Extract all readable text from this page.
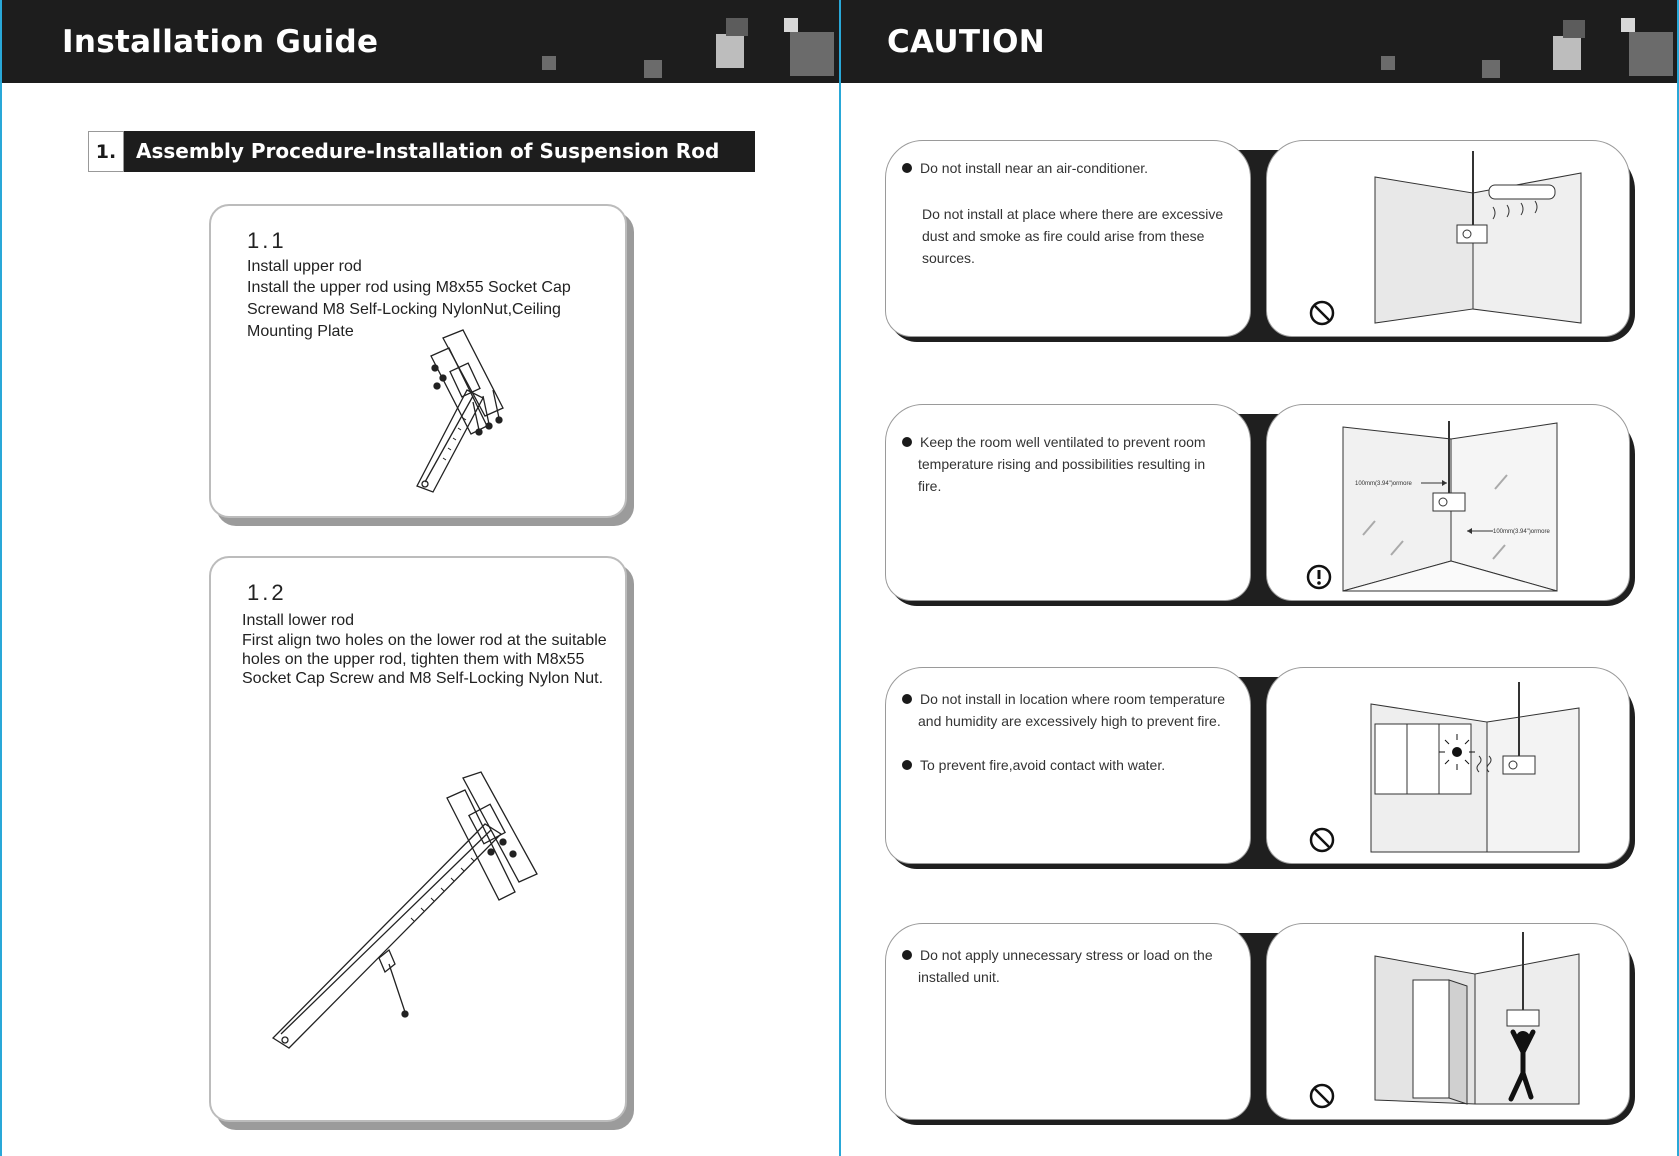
Installation Guide
1. Assembly Procedure-Installation of Suspension Rod
1.1
Install upper rod
Install the upper rod using M8x55 Socket Cap
Screwand M8 Self-Locking NylonNut,Ceiling
Mounting Plate
1.2
Install lower rod
First align two holes on the lower rod at the suitable
holes on the upper rod, tighten them with M8x55
Socket Cap Screw and M8 Self-Locking Nylon Nut.
CAUTION
Do not install near an air-conditioner.
Do not install at place where there are excessive
dust and smoke as fire could arise from these
sources.
Keep the room well ventilated to prevent room
temperature rising and possibilities resulting in
fire.	100mm(3.94")ormore
100mm(3.94")ormore
Do not install in location where room temperature
and humidity are excessively high to prevent fire.
To prevent fire,avoid contact with water.
Do not apply unnecessary stress or load on the
installed unit.
